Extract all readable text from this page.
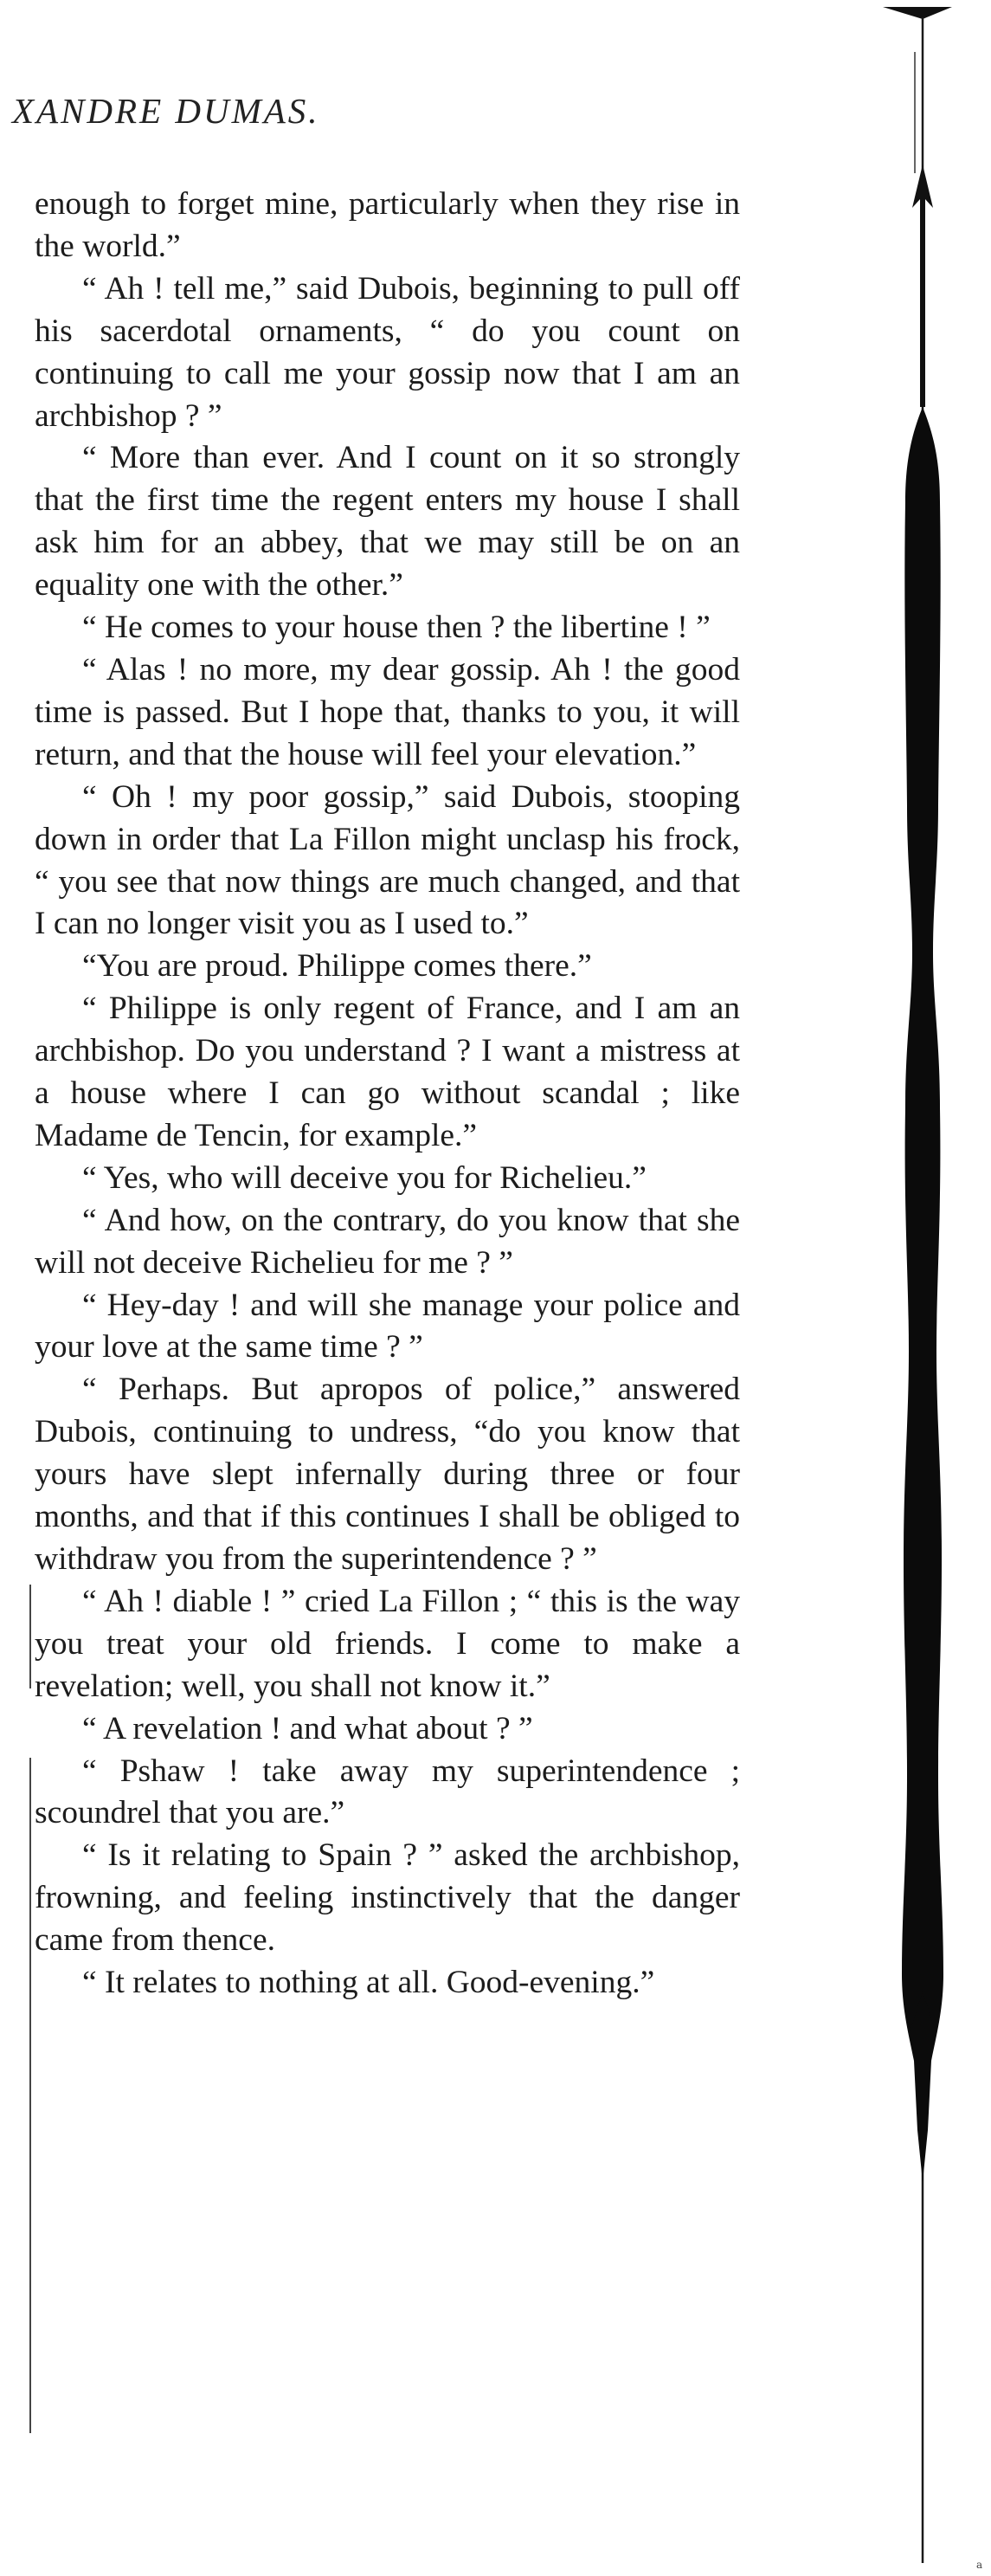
XANDRE DUMAS.

enough to forget mine, particularly when they rise in the world.”

“ Ah ! tell me,” said Dubois, beginning to pull off his sacerdotal ornaments, “ do you count on continuing to call me your gossip now that I am an archbishop ? ”

“ More than ever. And I count on it so strongly that the first time the regent enters my house I shall ask him for an abbey, that we may still be on an equality one with the other.”

“ He comes to your house then ? the libertine ! ”

“ Alas ! no more, my dear gossip. Ah ! the good time is passed. But I hope that, thanks to you, it will return, and that the house will feel your elevation.”

“ Oh ! my poor gossip,” said Dubois, stooping down in order that La Fillon might unclasp his frock, “ you see that now things are much changed, and that I can no longer visit you as I used to.”

“You are proud. Philippe comes there.”

“ Philippe is only regent of France, and I am an archbishop. Do you understand ? I want a mistress at a house where I can go without scandal ; like Madame de Tencin, for example.”

“ Yes, who will deceive you for Richelieu.”

“ And how, on the contrary, do you know that she will not deceive Richelieu for me ? ”

“ Hey-day ! and will she manage your police and your love at the same time ? ”

“ Perhaps. But apropos of police,” answered Dubois, continuing to undress, “do you know that yours have slept infernally during three or four months, and that if this continues I shall be obliged to withdraw you from the superintendence ? ”

“ Ah ! diable ! ” cried La Fillon ; “ this is the way you treat your old friends. I come to make a revelation; well, you shall not know it.”

“ A revelation ! and what about ? ”

“ Pshaw ! take away my superintendence ; scoundrel that you are.”

“ Is it relating to Spain ? ” asked the archbishop, frowning, and feeling instinctively that the danger came from thence.

“ It relates to nothing at all. Good-evening.”

a
